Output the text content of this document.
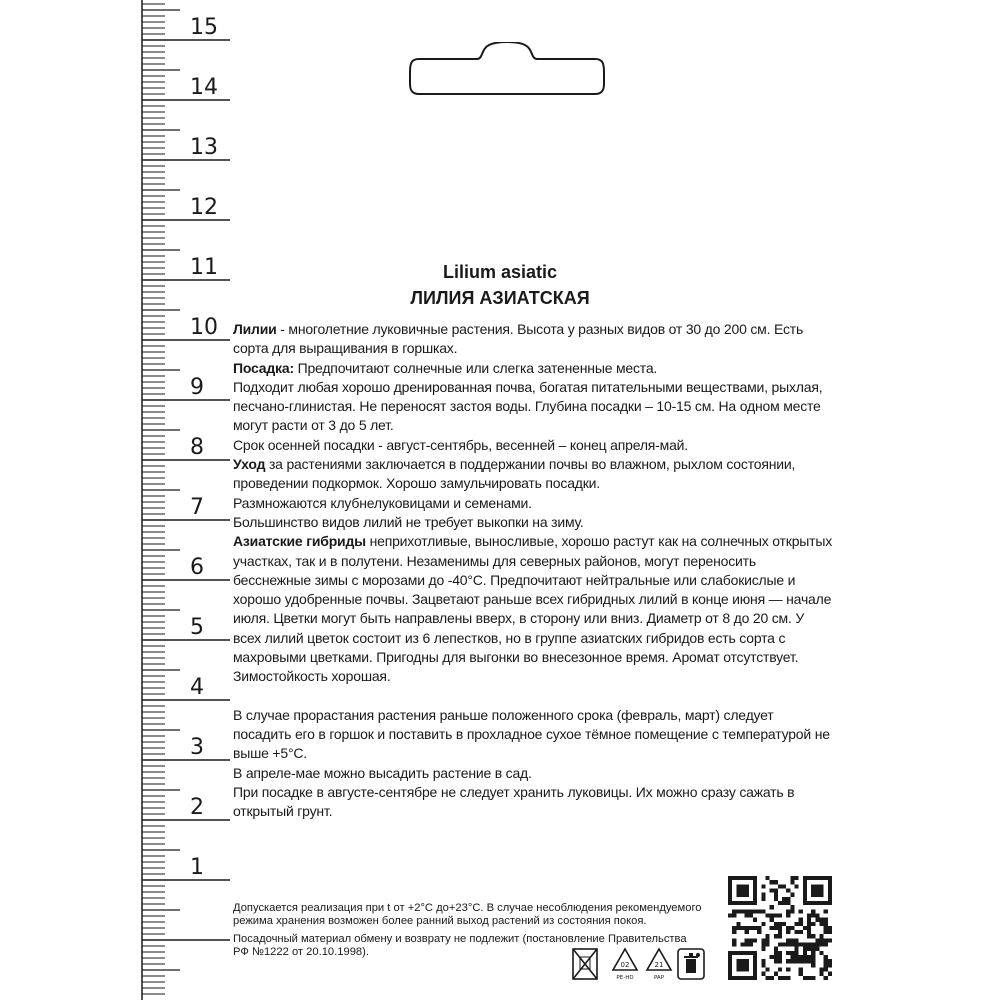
15
14
13
12
11
10
9
8
7
6
5
4
3
2
1
Lilium asiatic
ЛИЛИЯ АЗИАТСКАЯ

Лилии - многолетние луковичные растения. Высота у разных видов от 30 до 200 см. Есть сорта для выращивания в горшках.

Посадка: Предпочитают солнечные или слегка затененные места.

Подходит любая хорошо дренированная почва, богатая питательными веществами, рыхлая, песчано-глинистая. Не переносят застоя воды. Глубина посадки – 10-15 см. На одном месте могут расти от 3 до 5 лет.

Срок осенней посадки - август-сентябрь, весенней – конец апреля-май.

Уход за растениями заключается в поддержании почвы во влажном, рыхлом состоянии, проведении подкормок. Хорошо замульчировать посадки.

Размножаются клубнелуковицами и семенами.

Большинство видов лилий не требует выкопки на зиму.

Азиатские гибриды неприхотливые, выносливые, хорошо растут как на солнечных открытых участках, так и в полутени. Незаменимы для северных районов, могут переносить бесснежные зимы с морозами до -40°С. Предпочитают нейтральные или слабокислые и хорошо удобренные почвы. Зацветают раньше всех гибридных лилий в конце июня — начале июля. Цветки могут быть направлены вверх, в сторону или вниз. Диаметр от 8 до 20 см. У всех лилий цветок состоит из 6 лепестков, но в группе азиатских гибридов есть сорта с махровыми цветками. Пригодны для выгонки во внесезонное время. Аромат отсутствует.

Зимостойкость хорошая.

В случае прорастания растения раньше положенного срока (февраль, март) следует посадить его в горшок и поставить в прохладное сухое тёмное помещение с температурой не выше +5°С.

В апреле-мае можно высадить растение в сад.

При посадке в августе-сентябре не следует хранить луковицы. Их можно сразу сажать в открытый грунт.

Допускается реализация при t от +2°С до+23°С. В случае несоблюдения рекомендуемого режима хранения возможен более ранний выход растений из состояния покоя.

Посадочный материал обмену и возврату не подлежит (постановление Правительства РФ №1222 от 20.10.1998).

02
PE-HD
21
PAP
